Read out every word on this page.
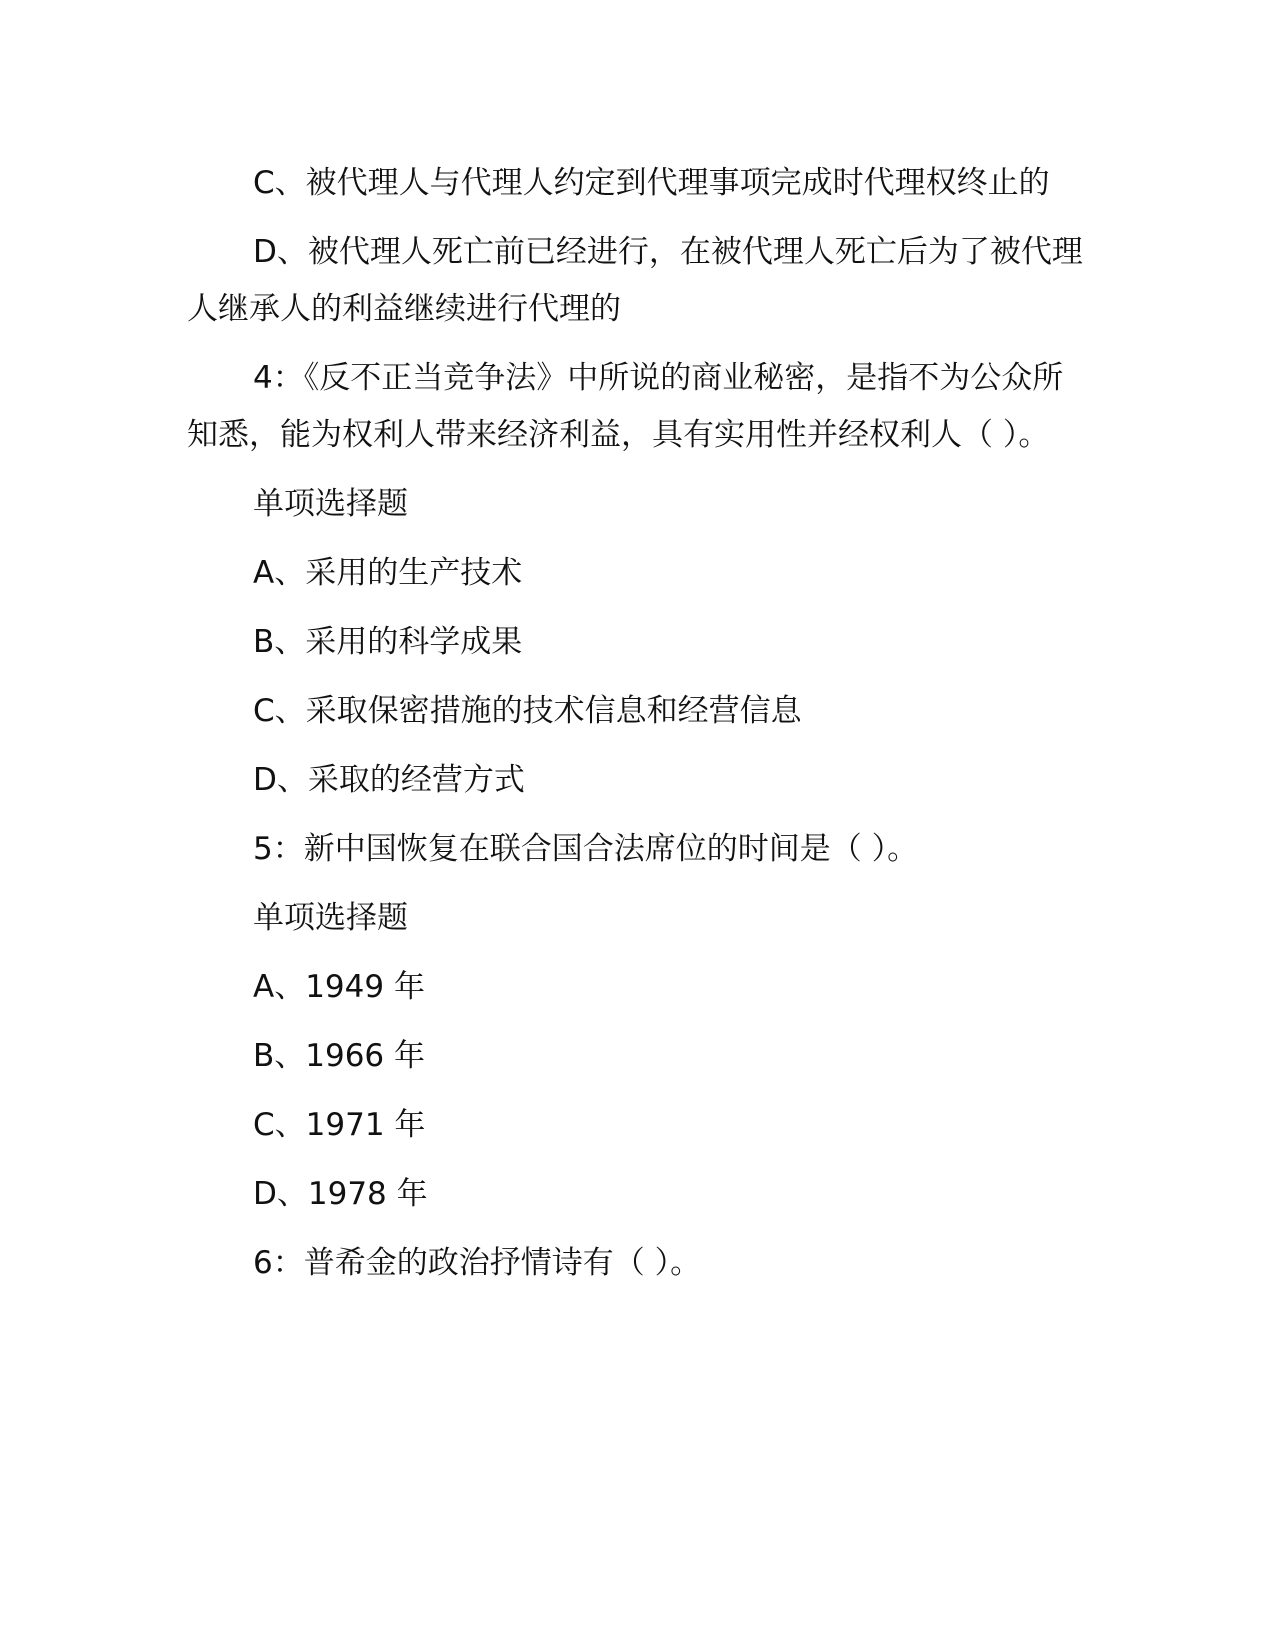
C、被代理人与代理人约定到代理事项完成时代理权终止的

D、被代理人死亡前已经进行，在被代理人死亡后为了被代理人继承人的利益继续进行代理的

4：《反不正当竞争法》中所说的商业秘密，是指不为公众所知悉，能为权利人带来经济利益，具有实用性并经权利人（ ）。

单项选择题

A、采用的生产技术

B、采用的科学成果

C、采取保密措施的技术信息和经营信息

D、采取的经营方式

5：新中国恢复在联合国合法席位的时间是（ ）。

单项选择题

A、1949 年

B、1966 年

C、1971 年

D、1978 年

6：普希金的政治抒情诗有（ ）。
